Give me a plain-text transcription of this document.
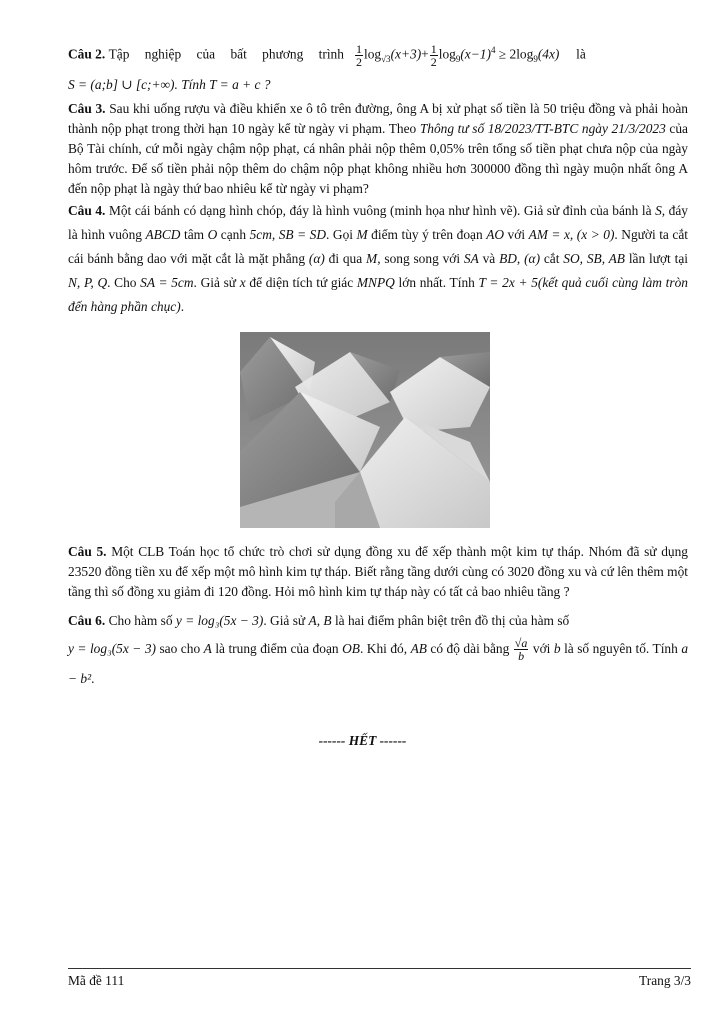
Câu 2. Tập nghiệp của bất phương trình $\frac{1}{2} \log_{√3}(x+3)+ \frac{1}{2} \log_9(x-1)^4 \ge 2\log_9(4x)$ là

S = (a;b] ∪ [c;+∞). Tính T = a + c ?

Câu 3. Sau khi uống rượu và điều khiển xe ô tô trên đường, ông A bị xử phạt số tiền là 50 triệu đồng và phải hoàn thành nộp phạt trong thời hạn 10 ngày kể từ ngày vi phạm. Theo Thông tư số 18/2023/TT-BTC ngày 21/3/2023 của Bộ Tài chính, cứ mỗi ngày chậm nộp phạt, cá nhân phải nộp thêm 0,05% trên tổng số tiền phạt chưa nộp của ngày hôm trước. Để số tiền phải nộp thêm do chậm nộp phạt không nhiều hơn 300000 đồng thì ngày muộn nhất ông A đến nộp phạt là ngày thứ bao nhiêu kể từ ngày vi phạm?

Câu 4. Một cái bánh có dạng hình chóp, đáy là hình vuông (minh họa như hình vẽ). Giả sử đỉnh của bánh là S, đáy là hình vuông ABCD tâm O cạnh 5cm, SB = SD. Gọi M điểm tùy ý trên đoạn AO với AM = x, (x > 0). Người ta cắt cái bánh bằng dao với mặt cắt là mặt phẳng (α) đi qua M, song song với SA và BD, (α) cắt SO, SB, AB lần lượt tại N, P, Q. Cho SA = 5cm. Giả sử x để diện tích tứ giác MNPQ lớn nhất. Tính T = 2x + 5(kết quả cuối cùng làm tròn đến hàng phần chục).

Câu 5. Một CLB Toán học tổ chức trò chơi sử dụng đồng xu để xếp thành một kim tự tháp. Nhóm đã sử dụng 23520 đồng tiền xu để xếp một mô hình kim tự tháp. Biết rằng tầng dưới cùng có 3020 đồng xu và cứ lên thêm một tầng thì số đồng xu giảm đi 120 đồng. Hỏi mô hình kim tự tháp này có tất cả bao nhiêu tầng ?

Câu 6. Cho hàm số y = log₃(5x − 3). Giả sử A, B là hai điểm phân biệt trên đồ thị của hàm số

y = log₃(5x − 3) sao cho A là trung điểm của đoạn OB. Khi đó, AB có độ dài bằng $\frac{√a}{b}$ với b là số nguyên tố. Tính a − b².

------ HẾT ------
Mã đề 111	Trang 3/3
